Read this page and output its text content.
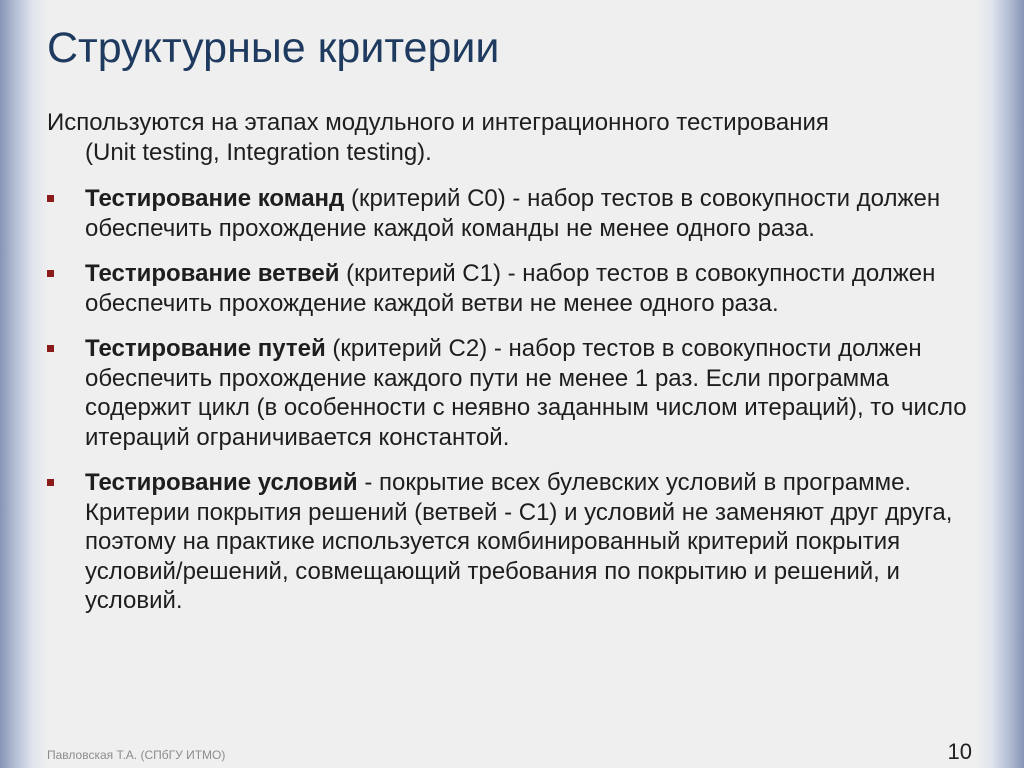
Структурные критерии
Используются на этапах модульного и интеграционного тестирования
(Unit testing, Integration testing).
Тестирование команд (критерий С0) - набор тестов в совокупности должен обеспечить прохождение каждой команды не менее одного раза.
Тестирование ветвей (критерий С1) - набор тестов в совокупности должен обеспечить прохождение каждой ветви не менее одного раза.
Тестирование путей (критерий С2) - набор тестов в совокупности должен обеспечить прохождение каждого пути не менее 1 раз. Если программа содержит цикл (в особенности с неявно заданным числом итераций), то число итераций ограничивается константой.
Тестирование условий - покрытие всех булевских условий в программе. Критерии покрытия решений (ветвей - С1) и условий не заменяют друг друга, поэтому на практике используется комбинированный критерий покрытия условий/решений, совмещающий требования по покрытию и решений, и условий.
Павловская Т.А. (СПбГУ ИТМО)	10
